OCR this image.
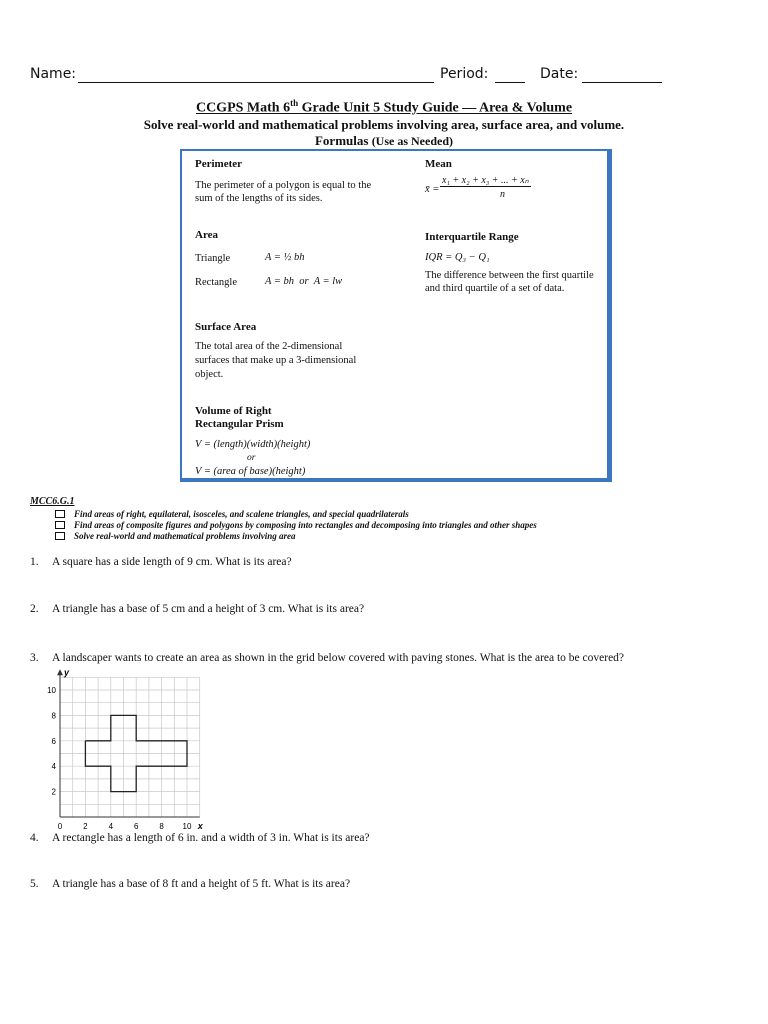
Name:	Period:	Date:
CCGPS Math 6th Grade Unit 5 Study Guide — Area & Volume
Solve real-world and mathematical problems involving area, surface area, and volume.
Formulas (Use as Needed)
Perimeter
The perimeter of a polygon is equal to the
sum of the lengths of its sides.
Mean
x̄ =
x₁ + x₂ + x₃ + ... + xₙ
n
Area
Triangle	A = ½ bh
Rectangle	A = bh  or  A = lw
Interquartile Range
IQR = Q₃ − Q₁
The difference between the first quartile
and third quartile of a set of data.
Surface Area
The total area of the 2-dimensional
surfaces that make up a 3-dimensional
object.
Volume of Right
Rectangular Prism
V = (length)(width)(height)
or
V = (area of base)(height)
MCC6.G.1
Find areas of right, equilateral, isosceles, and scalene triangles, and special quadrilaterals
Find areas of composite figures and polygons by composing into rectangles and decomposing into triangles and other shapes
Solve real-world and mathematical problems involving area
1. A square has a side length of 9 cm. What is its area?
2. A triangle has a base of 5 cm and a height of 3 cm. What is its area?
3. A landscaper wants to create an area as shown in the grid below covered with paving stones. What is the area to be covered?
0	2	4	6	8 10
2
4
6
8
10
x
y
4. A rectangle has a length of 6 in. and a width of 3 in. What is its area?
5. A triangle has a base of 8 ft and a height of 5 ft. What is its area?
